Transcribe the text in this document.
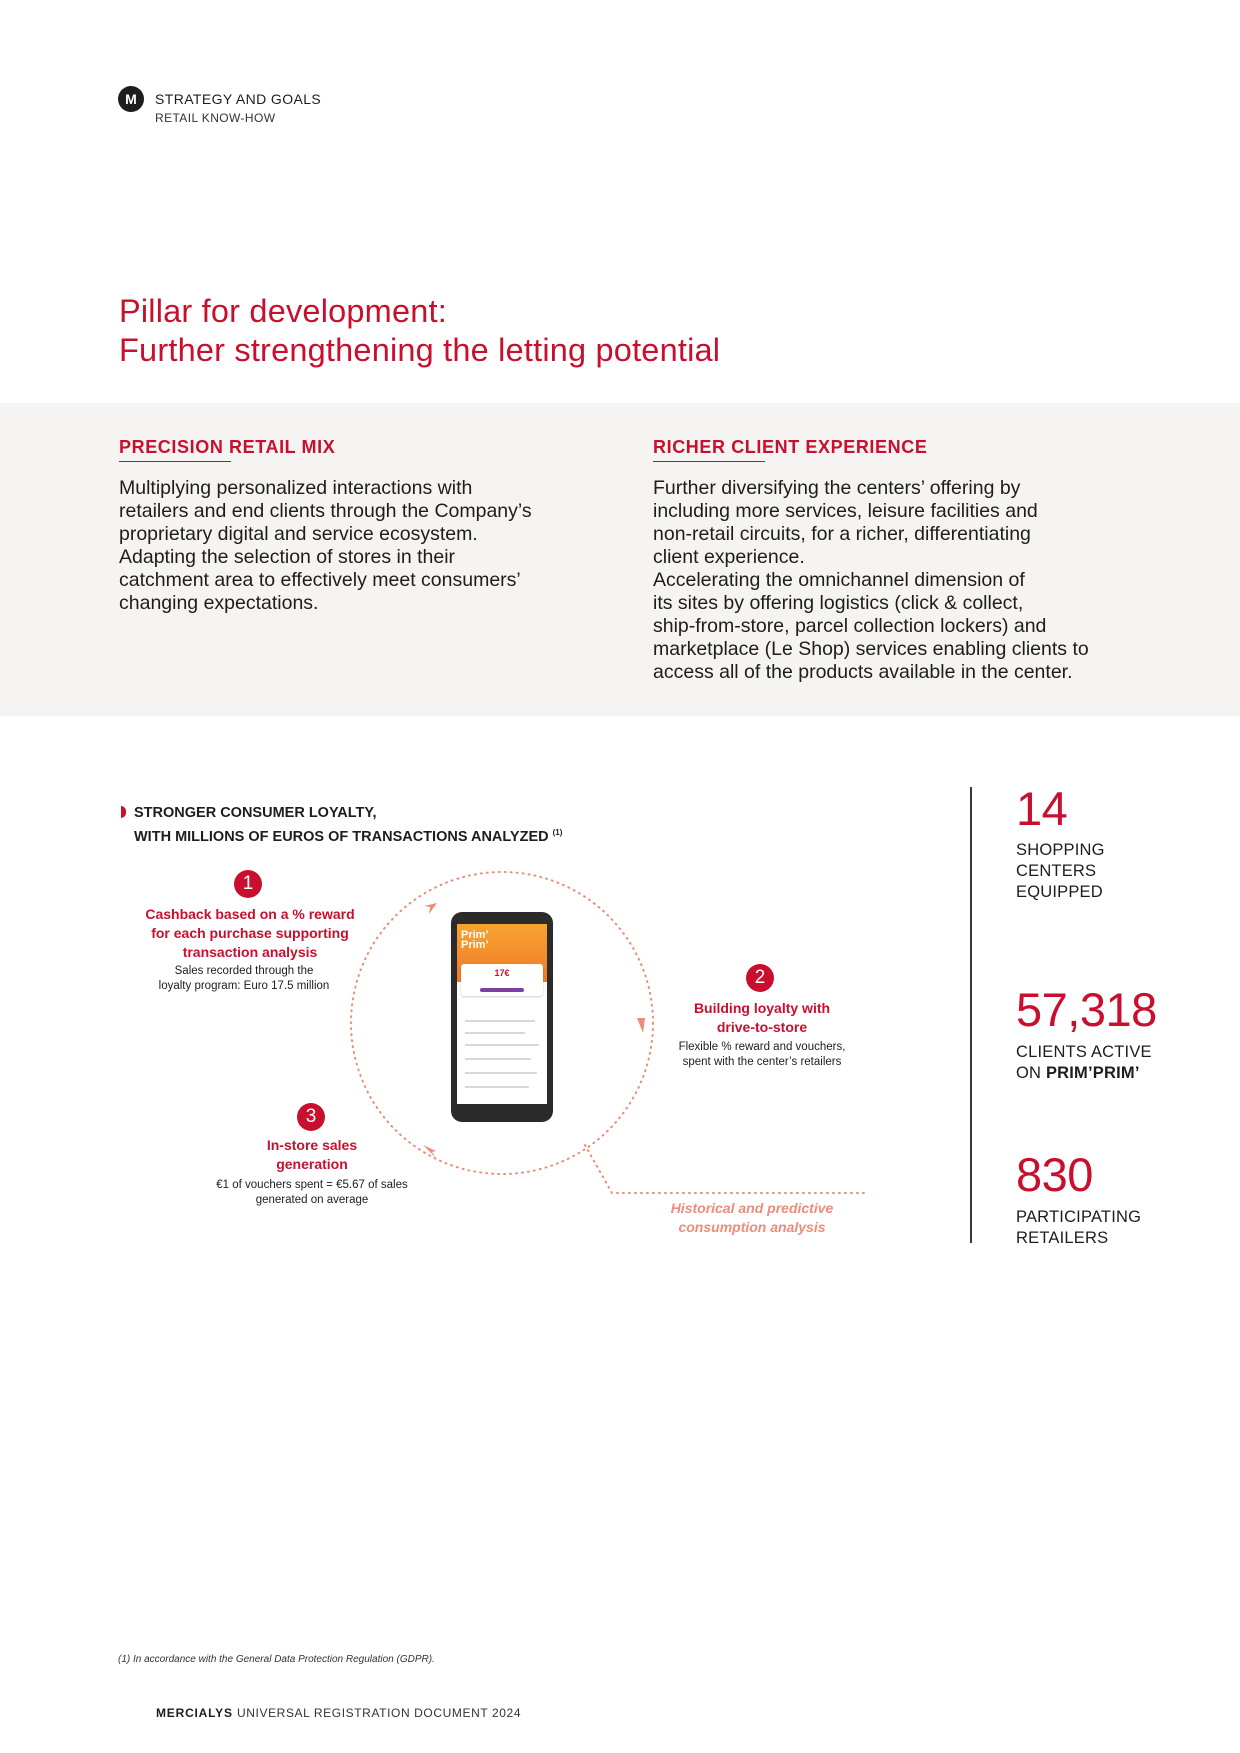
M	STRATEGY AND GOALS
RETAIL KNOW-HOW
Pillar for development:
Further strengthening the letting potential
PRECISION RETAIL MIX
Multiplying personalized interactions with
retailers and end clients through the Company’s
proprietary digital and service ecosystem.
Adapting the selection of stores in their
catchment area to effectively meet consumers’
changing expectations.
RICHER CLIENT EXPERIENCE
Further diversifying the centers’ offering by
including more services, leisure facilities and
non-retail circuits, for a richer, differentiating
client experience.
Accelerating the omnichannel dimension of
its sites by offering logistics (click & collect,
ship-from-store, parcel collection lockers) and
marketplace (Le Shop) services enabling clients to
access all of the products available in the center.
STRONGER CONSUMER LOYALTY,
WITH MILLIONS OF EUROS OF TRANSACTIONS ANALYZED $^{(1)}$
Prim’
Prim’
17€
1
Cashback based on a % reward
for each purchase supporting
transaction analysis
Sales recorded through the
loyalty program: Euro 17.5 million	2
Building loyalty with
drive-to-store
Flexible % reward and vouchers,
spent with the center’s retailers
3
In-store sales
generation
€1 of vouchers spent = €5.67 of sales
generated on average	Historical and predictive
consumption analysis
14
SHOPPING
CENTERS
EQUIPPED
57,318
CLIENTS ACTIVE
ON PRIM’PRIM’
830
PARTICIPATING
RETAILERS
(1) In accordance with the General Data Protection Regulation (GDPR).
MERCIALYS UNIVERSAL REGISTRATION DOCUMENT 2024
